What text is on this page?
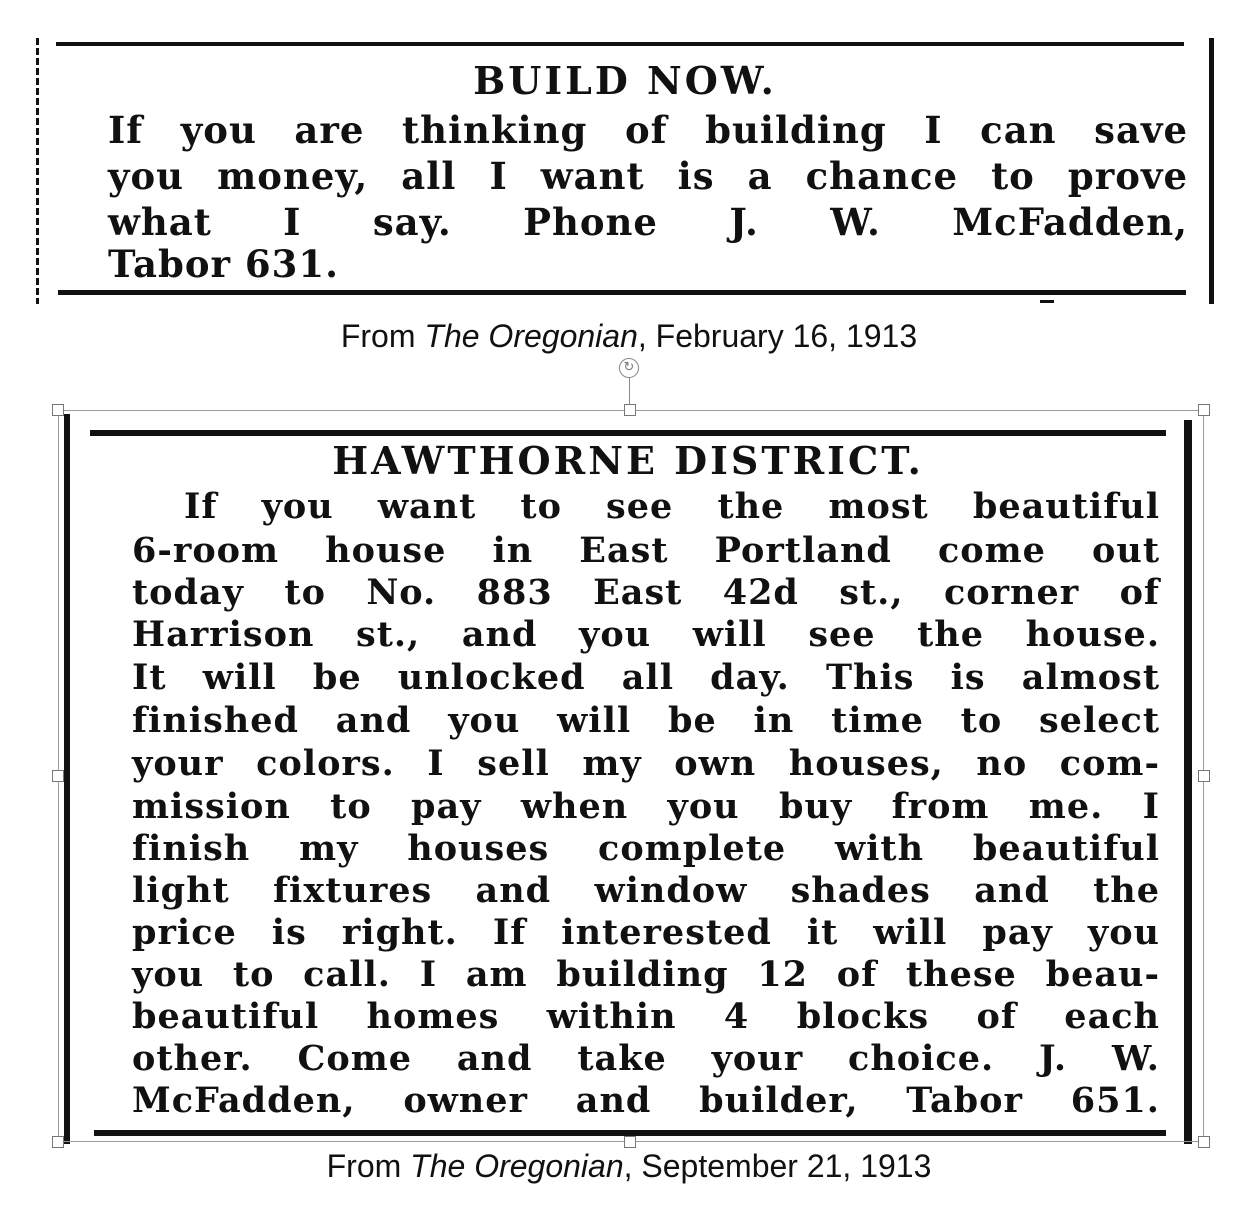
BUILD NOW.
If you are thinking of building I can save
you money, all I want is a chance to prove
what I say. Phone J. W. McFadden,
Tabor 631.
From The Oregonian, February 16, 1913
HAWTHORNE DISTRICT.
If you want to see the most beautiful
6-room house in East Portland come out
today to No. 883 East 42d st., corner of
Harrison st., and you will see the house.
It will be unlocked all day. This is almost
finished and you will be in time to select
your colors. I sell my own houses, no com-
mission to pay when you buy from me. I
finish my houses complete with beautiful
light fixtures and window shades and the
price is right. If interested it will pay you
you to call. I am building 12 of these beau-
beautiful homes within 4 blocks of each
other. Come and take your choice. J. W.
McFadden, owner and builder, Tabor 651.
↻
From The Oregonian, September 21, 1913
